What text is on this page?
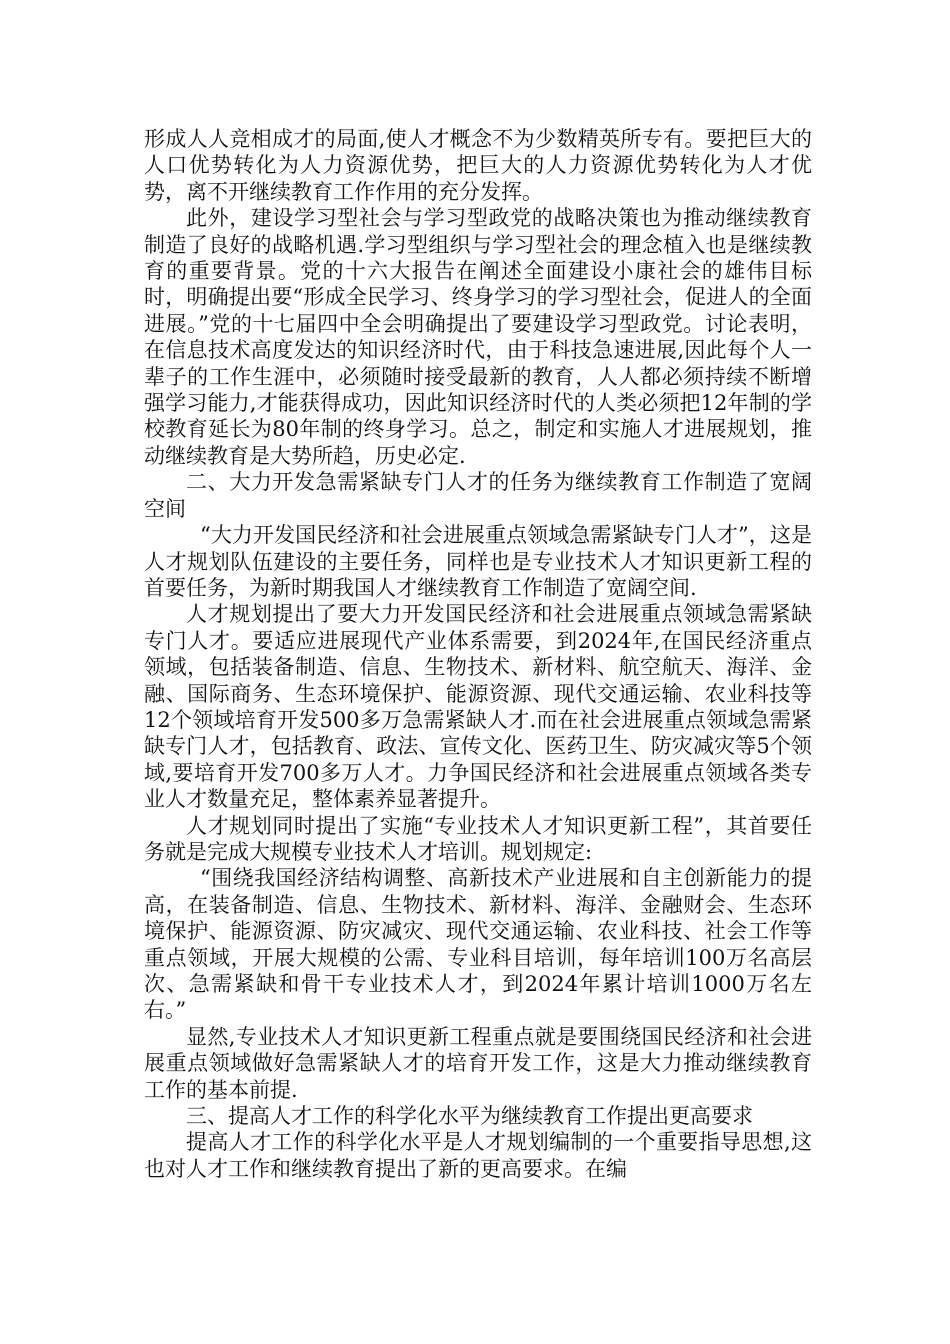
形成人人竞相成才的局面,使人才概念不为少数精英所专有。要把巨大的人口优势转化为人力资源优势，把巨大的人力资源优势转化为人才优势，离不开继续教育工作作用的充分发挥。

此外，建设学习型社会与学习型政党的战略决策也为推动继续教育制造了良好的战略机遇.学习型组织与学习型社会的理念植入也是继续教育的重要背景。党的十六大报告在阐述全面建设小康社会的雄伟目标时，明确提出要“形成全民学习、终身学习的学习型社会，促进人的全面进展。”党的十七届四中全会明确提出了要建设学习型政党。讨论表明，在信息技术高度发达的知识经济时代，由于科技急速进展,因此每个人一辈子的工作生涯中，必须随时接受最新的教育，人人都必须持续不断增强学习能力,才能获得成功，因此知识经济时代的人类必须把12年制的学校教育延长为80年制的终身学习。总之，制定和实施人才进展规划，推动继续教育是大势所趋，历史必定.

二、大力开发急需紧缺专门人才的任务为继续教育工作制造了宽阔空间

“大力开发国民经济和社会进展重点领域急需紧缺专门人才”，这是人才规划队伍建设的主要任务，同样也是专业技术人才知识更新工程的首要任务，为新时期我国人才继续教育工作制造了宽阔空间.

人才规划提出了要大力开发国民经济和社会进展重点领域急需紧缺专门人才。要适应进展现代产业体系需要，到2024年,在国民经济重点领域，包括装备制造、信息、生物技术、新材料、航空航天、海洋、金融、国际商务、生态环境保护、能源资源、现代交通运输、农业科技等12个领域培育开发500多万急需紧缺人才.而在社会进展重点领域急需紧缺专门人才，包括教育、政法、宣传文化、医药卫生、防灾减灾等5个领域,要培育开发700多万人才。力争国民经济和社会进展重点领域各类专业人才数量充足，整体素养显著提升。

人才规划同时提出了实施“专业技术人才知识更新工程”，其首要任务就是完成大规模专业技术人才培训。规划规定:

“围绕我国经济结构调整、高新技术产业进展和自主创新能力的提高，在装备制造、信息、生物技术、新材料、海洋、金融财会、生态环境保护、能源资源、防灾减灾、现代交通运输、农业科技、社会工作等重点领域，开展大规模的公需、专业科目培训，每年培训100万名高层次、急需紧缺和骨干专业技术人才，到2024年累计培训1000万名左右。”

显然,专业技术人才知识更新工程重点就是要围绕国民经济和社会进展重点领域做好急需紧缺人才的培育开发工作，这是大力推动继续教育工作的基本前提.

三、提高人才工作的科学化水平为继续教育工作提出更高要求

提高人才工作的科学化水平是人才规划编制的一个重要指导思想,这也对人才工作和继续教育提出了新的更高要求。在编
